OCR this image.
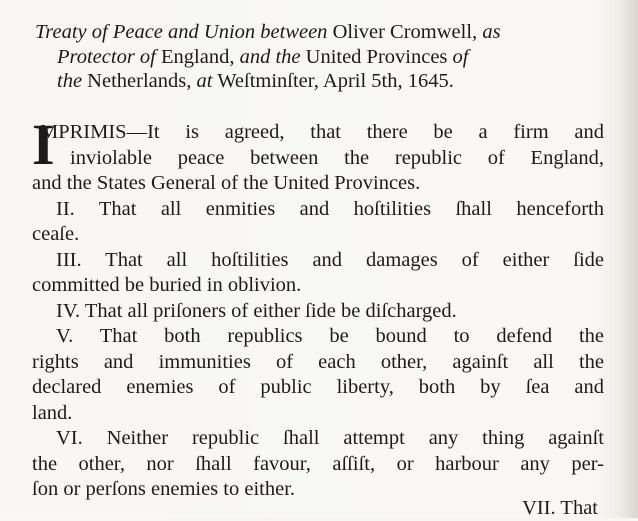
Treaty of Peace and Union between Oliver Cromwell, as
Protector of England, and the United Provinces of
the Netherlands, at Weſtminſter, April 5th, 1645.
I
MPRIMIS—It is agreed, that there be a firm and
inviolable peace between the republic of England,
and the States General of the United Provinces.
II. That all enmities and hoſtilities ſhall henceforth
ceaſe.
III. That all hoſtilities and damages of either ſide
committed be buried in oblivion.
IV. That all priſoners of either ſide be diſcharged.
V. That both republics be bound to defend the
rights and immunities of each other, againſt all the
declared enemies of public liberty, both by ſea and
land.
VI. Neither republic ſhall attempt any thing againſt
the other, nor ſhall favour, aſſiſt, or harbour any per-
ſon or perſons enemies to either.
VII. That
